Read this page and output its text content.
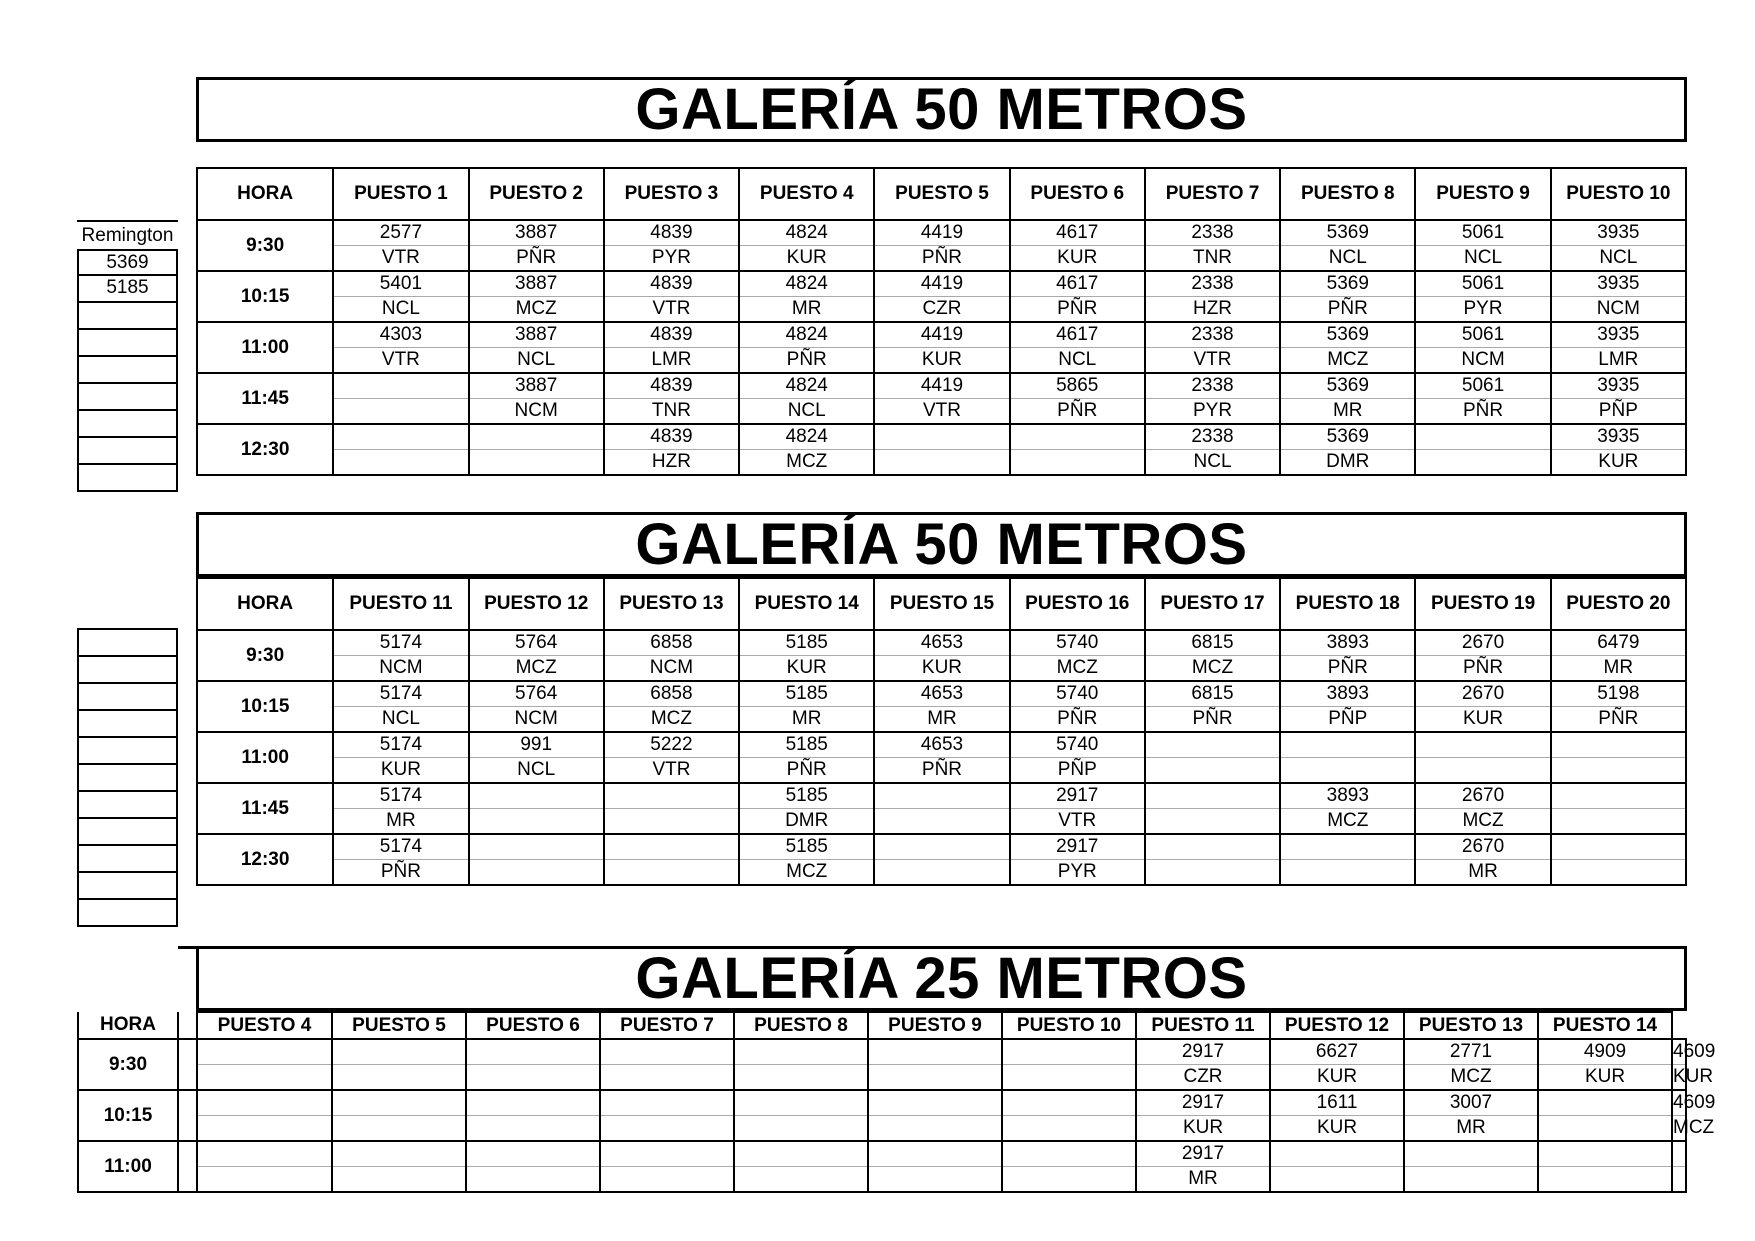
GALERÍA 50 METROS
HORA	PUESTO 1	PUESTO 2	PUESTO 3	PUESTO 4	PUESTO 5	PUESTO 6	PUESTO 7	PUESTO 8	PUESTO 9	PUESTO 10
9:30	2577	3887	4839	4824	4419	4617	2338	5369	5061	3935
	VTR	PÑR	PYR	KUR	PÑR	KUR	TNR	NCL	NCL	NCL
10:15	5401	3887	4839	4824	4419	4617	2338	5369	5061	3935
	NCL	MCZ	VTR	MR	CZR	PÑR	HZR	PÑR	PYR	NCM
11:00	4303	3887	4839	4824	4419	4617	2338	5369	5061	3935
	VTR	NCL	LMR	PÑR	KUR	NCL	VTR	MCZ	NCM	LMR
11:45		3887	4839	4824	4419	5865	2338	5369	5061	3935
		NCM	TNR	NCL	VTR	PÑR	PYR	MR	PÑR	PÑP
12:30			4839	4824			2338	5369		3935
			HZR	MCZ			NCL	DMR		KUR
Remington
5369
5185
GALERÍA 50 METROS
HORA	PUESTO 11	PUESTO 12	PUESTO 13	PUESTO 14	PUESTO 15	PUESTO 16	PUESTO 17	PUESTO 18	PUESTO 19	PUESTO 20
9:30	5174	5764	6858	5185	4653	5740	6815	3893	2670	6479
	NCM	MCZ	NCM	KUR	KUR	MCZ	MCZ	PÑR	PÑR	MR
10:15	5174	5764	6858	5185	4653	5740	6815	3893	2670	5198
	NCL	NCM	MCZ	MR	MR	PÑR	PÑR	PÑP	KUR	PÑR
11:00	5174	991	5222	5185	4653	5740				
	KUR	NCL	VTR	PÑR	PÑR	PÑP				
11:45	5174			5185		2917		3893	2670	
	MR			DMR		VTR		MCZ	MCZ	
12:30	5174			5185		2917			2670	
	PÑR			MCZ		PYR			MR	
GALERÍA 25 METROS
HORA		PUESTO 4	PUESTO 5	PUESTO 6	PUESTO 7	PUESTO 8	PUESTO 9	PUESTO 10	PUESTO 11	PUESTO 12	PUESTO 13	PUESTO 14	
9:30									2917	6627	2771	4909	4609
									CZR	KUR	MCZ	KUR	KUR
10:15									2917	1611	3007		4609
									KUR	KUR	MR		MCZ
11:00									2917				
									MR				
